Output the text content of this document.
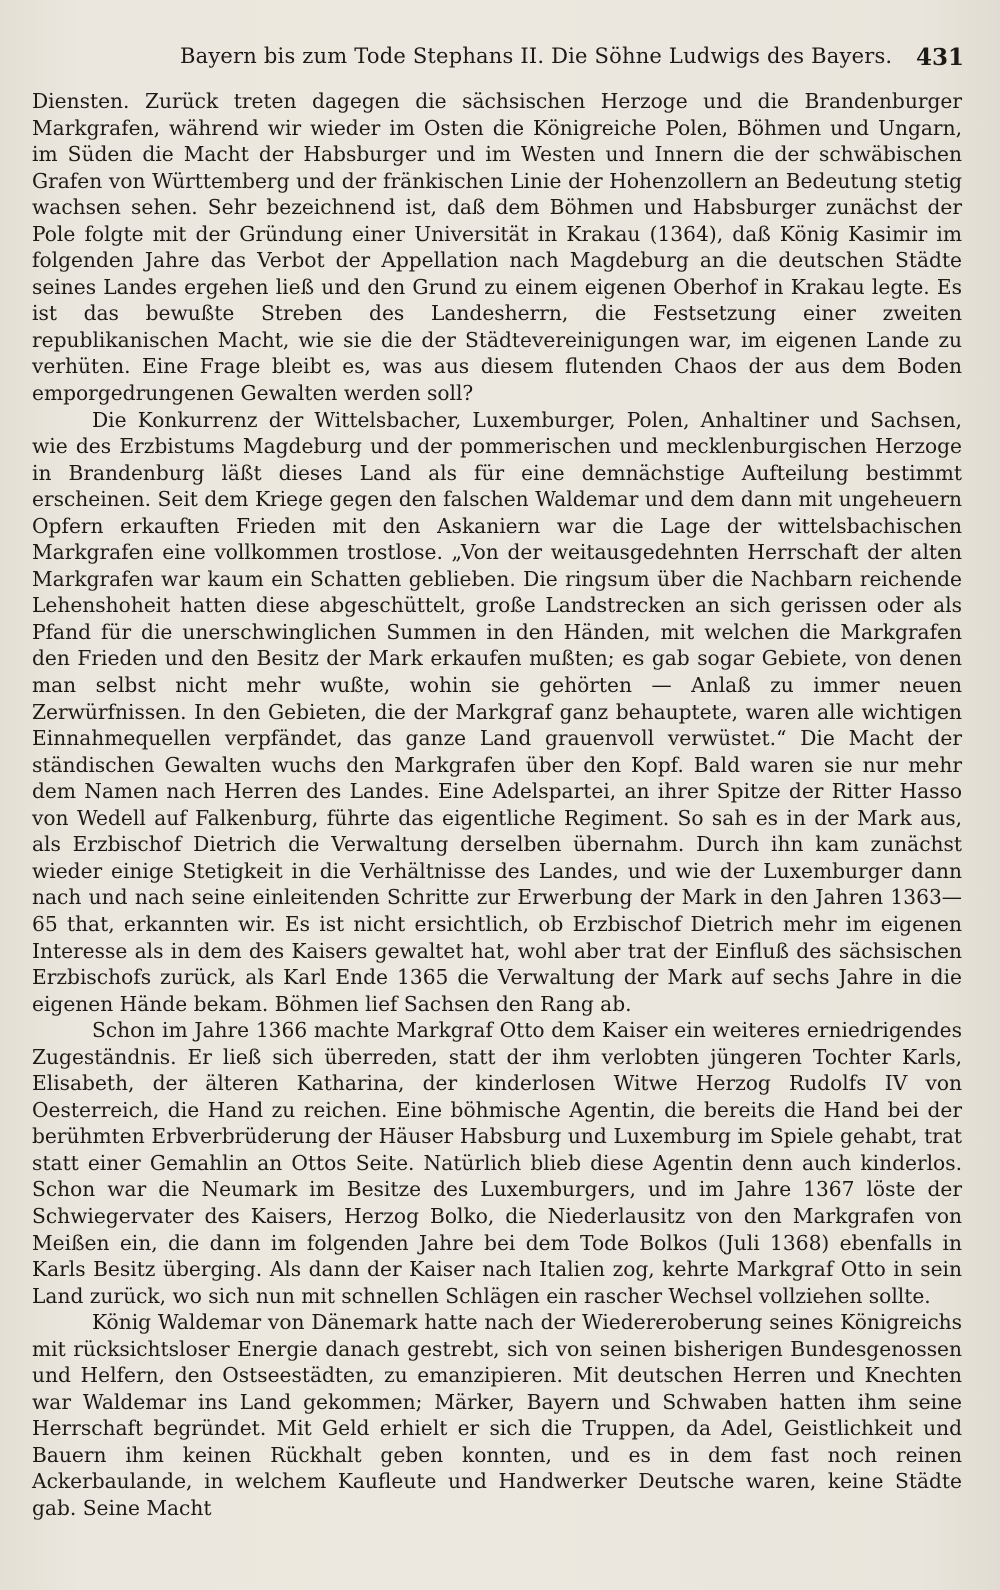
Bayern bis zum Tode Stephans II. Die Söhne Ludwigs des Bayers. 431

Diensten. Zurück treten dagegen die sächsischen Herzoge und die Brandenburger Markgrafen, während wir wieder im Osten die Königreiche Polen, Böhmen und Ungarn, im Süden die Macht der Habsburger und im Westen und Innern die der schwäbischen Grafen von Württemberg und der fränkischen Linie der Hohenzollern an Bedeutung stetig wachsen sehen. Sehr bezeichnend ist, daß dem Böhmen und Habsburger zunächst der Pole folgte mit der Gründung einer Universität in Krakau (1364), daß König Kasimir im folgenden Jahre das Verbot der Appellation nach Magdeburg an die deutschen Städte seines Landes ergehen ließ und den Grund zu einem eigenen Oberhof in Krakau legte. Es ist das bewußte Streben des Landesherrn, die Festsetzung einer zweiten republikanischen Macht, wie sie die der Städtevereinigungen war, im eigenen Lande zu verhüten. Eine Frage bleibt es, was aus diesem flutenden Chaos der aus dem Boden emporgedrungenen Gewalten werden soll?

Die Konkurrenz der Wittelsbacher, Luxemburger, Polen, Anhaltiner und Sachsen, wie des Erzbistums Magdeburg und der pommerischen und mecklenburgischen Herzoge in Brandenburg läßt dieses Land als für eine demnächstige Aufteilung bestimmt erscheinen. Seit dem Kriege gegen den falschen Waldemar und dem dann mit ungeheuern Opfern erkauften Frieden mit den Askaniern war die Lage der wittelsbachischen Markgrafen eine vollkommen trostlose. „Von der weitausgedehnten Herrschaft der alten Markgrafen war kaum ein Schatten geblieben. Die ringsum über die Nachbarn reichende Lehenshoheit hatten diese abgeschüttelt, große Landstrecken an sich gerissen oder als Pfand für die unerschwinglichen Summen in den Händen, mit welchen die Markgrafen den Frieden und den Besitz der Mark erkaufen mußten; es gab sogar Gebiete, von denen man selbst nicht mehr wußte, wohin sie gehörten — Anlaß zu immer neuen Zerwürfnissen. In den Gebieten, die der Markgraf ganz behauptete, waren alle wichtigen Einnahmequellen verpfändet, das ganze Land grauenvoll verwüstet.“ Die Macht der ständischen Gewalten wuchs den Markgrafen über den Kopf. Bald waren sie nur mehr dem Namen nach Herren des Landes. Eine Adelspartei, an ihrer Spitze der Ritter Hasso von Wedell auf Falkenburg, führte das eigentliche Regiment. So sah es in der Mark aus, als Erzbischof Dietrich die Verwaltung derselben übernahm. Durch ihn kam zunächst wieder einige Stetigkeit in die Verhältnisse des Landes, und wie der Luxemburger dann nach und nach seine einleitenden Schritte zur Erwerbung der Mark in den Jahren 1363—65 that, erkannten wir. Es ist nicht ersichtlich, ob Erzbischof Dietrich mehr im eigenen Interesse als in dem des Kaisers gewaltet hat, wohl aber trat der Einfluß des sächsischen Erzbischofs zurück, als Karl Ende 1365 die Verwaltung der Mark auf sechs Jahre in die eigenen Hände bekam. Böhmen lief Sachsen den Rang ab.

Schon im Jahre 1366 machte Markgraf Otto dem Kaiser ein weiteres erniedrigendes Zugeständnis. Er ließ sich überreden, statt der ihm verlobten jüngeren Tochter Karls, Elisabeth, der älteren Katharina, der kinderlosen Witwe Herzog Rudolfs IV von Oesterreich, die Hand zu reichen. Eine böhmische Agentin, die bereits die Hand bei der berühmten Erbverbrüderung der Häuser Habsburg und Luxemburg im Spiele gehabt, trat statt einer Gemahlin an Ottos Seite. Natürlich blieb diese Agentin denn auch kinderlos. Schon war die Neumark im Besitze des Luxemburgers, und im Jahre 1367 löste der Schwiegervater des Kaisers, Herzog Bolko, die Niederlausitz von den Markgrafen von Meißen ein, die dann im folgenden Jahre bei dem Tode Bolkos (Juli 1368) ebenfalls in Karls Besitz überging. Als dann der Kaiser nach Italien zog, kehrte Markgraf Otto in sein Land zurück, wo sich nun mit schnellen Schlägen ein rascher Wechsel vollziehen sollte.

König Waldemar von Dänemark hatte nach der Wiedereroberung seines Königreichs mit rücksichtsloser Energie danach gestrebt, sich von seinen bisherigen Bundesgenossen und Helfern, den Ostseestädten, zu emanzipieren. Mit deutschen Herren und Knechten war Waldemar ins Land gekommen; Märker, Bayern und Schwaben hatten ihm seine Herrschaft begründet. Mit Geld erhielt er sich die Truppen, da Adel, Geistlichkeit und Bauern ihm keinen Rückhalt geben konnten, und es in dem fast noch reinen Ackerbaulande, in welchem Kaufleute und Handwerker Deutsche waren, keine Städte gab. Seine Macht
